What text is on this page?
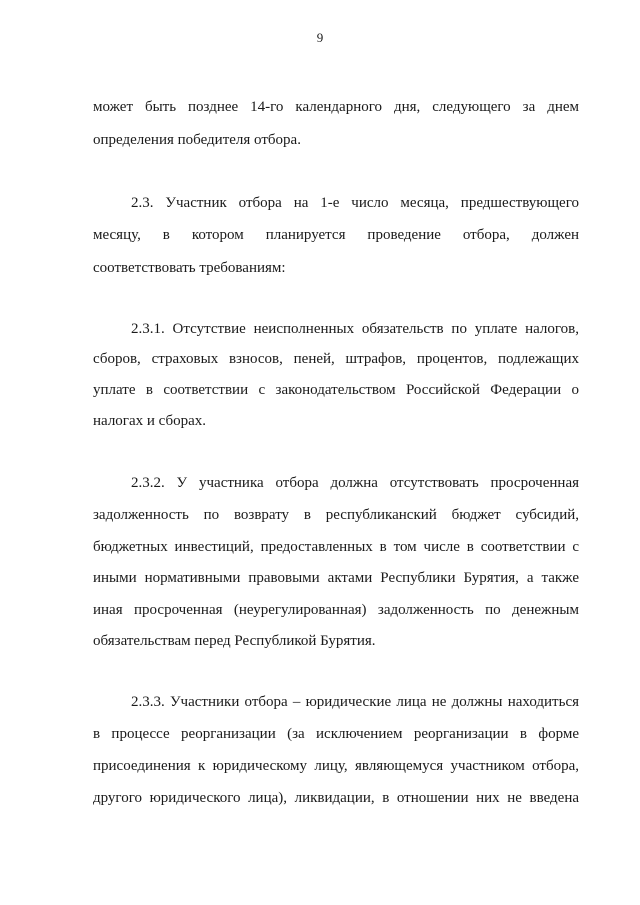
9
может быть позднее 14-го календарного дня, следующего за днем
определения победителя отбора.
2.3. Участник отбора на 1-е число месяца, предшествующего
месяцу, в котором планируется проведение отбора, должен
соответствовать требованиям:
2.3.1. Отсутствие неисполненных обязательств по уплате налогов,
сборов, страховых взносов, пеней, штрафов, процентов, подлежащих
уплате в соответствии с законодательством Российской Федерации о
налогах и сборах.
2.3.2. У участника отбора должна отсутствовать просроченная
задолженность по возврату в республиканский бюджет субсидий,
бюджетных инвестиций, предоставленных в том числе в соответствии с
иными нормативными правовыми актами Республики Бурятия, а также
иная просроченная (неурегулированная) задолженность по денежным
обязательствам перед Республикой Бурятия.
2.3.3. Участники отбора – юридические лица не должны находиться
в процессе реорганизации (за исключением реорганизации в форме
присоединения к юридическому лицу, являющемуся участником отбора,
другого юридического лица), ликвидации, в отношении них не введена
